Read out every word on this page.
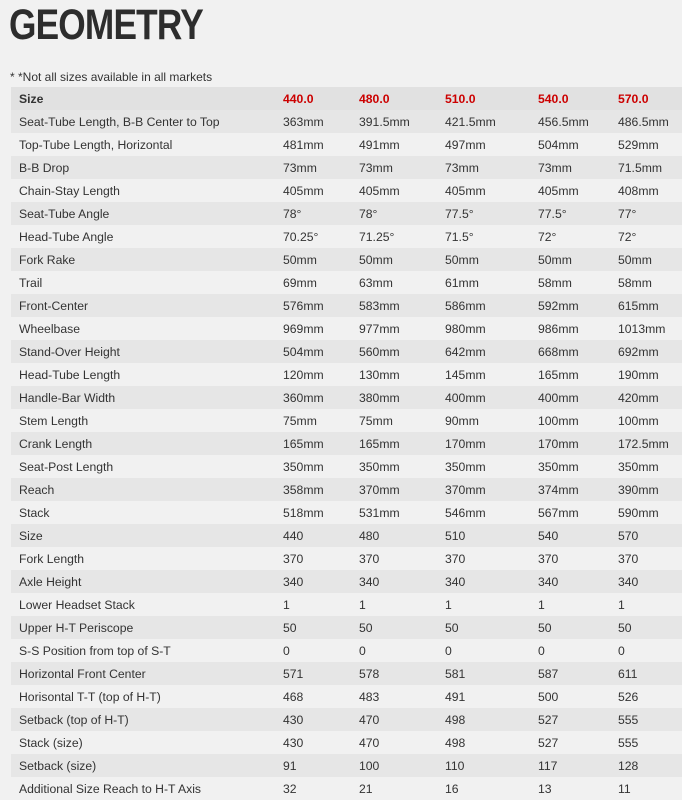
GEOMETRY
* *Not all sizes available in all markets
Size	440.0	480.0	510.0	540.0	570.0
Seat-Tube Length, B-B Center to Top	363mm	391.5mm	421.5mm	456.5mm	486.5mm
Top-Tube Length, Horizontal	481mm	491mm	497mm	504mm	529mm
B-B Drop	73mm	73mm	73mm	73mm	71.5mm
Chain-Stay Length	405mm	405mm	405mm	405mm	408mm
Seat-Tube Angle	78°	78°	77.5°	77.5°	77°
Head-Tube Angle	70.25°	71.25°	71.5°	72°	72°
Fork Rake	50mm	50mm	50mm	50mm	50mm
Trail	69mm	63mm	61mm	58mm	58mm
Front-Center	576mm	583mm	586mm	592mm	615mm
Wheelbase	969mm	977mm	980mm	986mm	1013mm
Stand-Over Height	504mm	560mm	642mm	668mm	692mm
Head-Tube Length	120mm	130mm	145mm	165mm	190mm
Handle-Bar Width	360mm	380mm	400mm	400mm	420mm
Stem Length	75mm	75mm	90mm	100mm	100mm
Crank Length	165mm	165mm	170mm	170mm	172.5mm
Seat-Post Length	350mm	350mm	350mm	350mm	350mm
Reach	358mm	370mm	370mm	374mm	390mm
Stack	518mm	531mm	546mm	567mm	590mm
Size	440	480	510	540	570
Fork Length	370	370	370	370	370
Axle Height	340	340	340	340	340
Lower Headset Stack	1	1	1	1	1
Upper H-T Periscope	50	50	50	50	50
S-S Position from top of S-T	0	0	0	0	0
Horizontal Front Center	571	578	581	587	611
Horisontal T-T (top of H-T)	468	483	491	500	526
Setback (top of H-T)	430	470	498	527	555
Stack (size)	430	470	498	527	555
Setback (size)	91	100	110	117	128
Additional Size Reach to H-T Axis	32	21	16	13	11
